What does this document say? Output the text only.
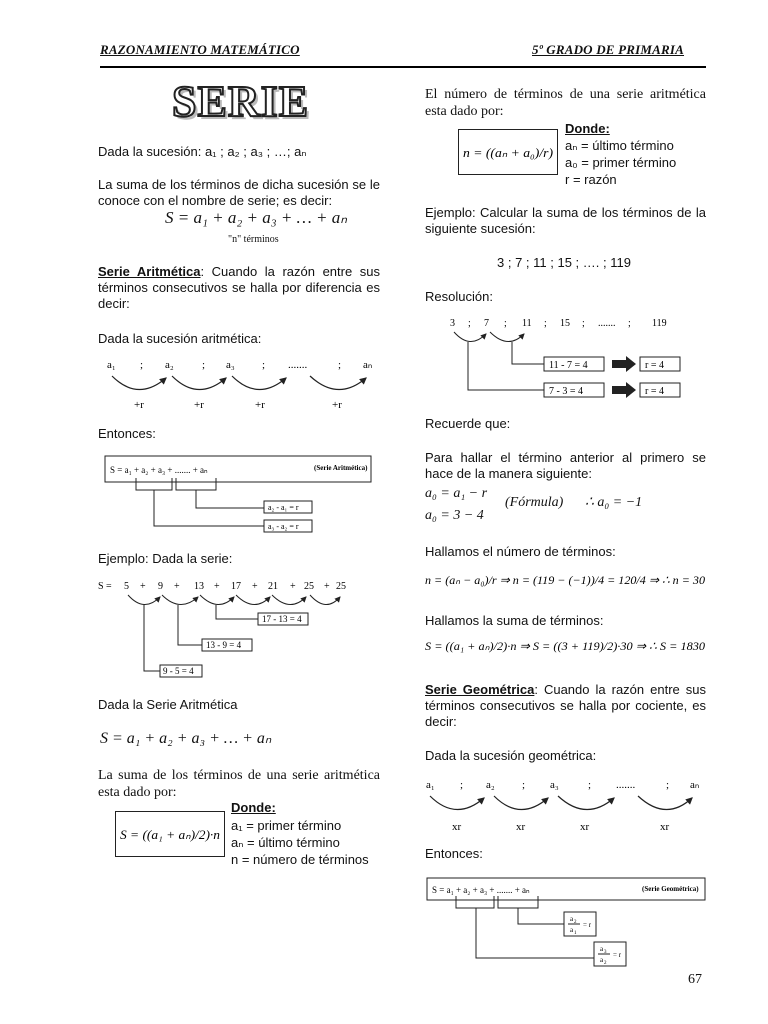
RAZONAMIENTO MATEMÁTICO	5º GRADO DE PRIMARIA
SERIE

Dada la sucesión: a₁ ; a₂ ; a₃ ; …; aₙ

La suma de los términos de dicha sucesión se le conoce con el nombre de serie; es decir:

S = a₁ + a₂ + a₃ + … + aₙ

"n" términos

Serie Aritmética: Cuando la razón entre sus términos consecutivos se halla por diferencia es decir:

Dada la sucesión aritmética:

a₁ ; a₂	; a₃ ; .......	; aₙ
+r	+r	+r	+r

Entonces:

S = a₁ + a₂ + a₃ + ....... + aₙ	(Serie Aritmética)
a₂ - a₁ = r
a₃ - a₂ = r

Ejemplo: Dada la serie:

S = 5 + 9 + 13 + 17 + 21 + 25 + 25
17 - 13 = 4
13 - 9 = 4
9 - 5 = 4

Dada la Serie Aritmética

S = a₁ + a₂ + a₃ + … + aₙ

La suma de los términos de una serie aritmética esta dado por:

S = ((a₁ + aₙ)/2)·n

Donde:

a₁ = primer término

aₙ = último término

n = número de términos

El número de términos de una serie aritmética esta dado por:

n = ((aₙ + a₀)/r)

Donde:

aₙ = último término

a₀ = primer término

r = razón

Ejemplo: Calcular la suma de los términos de la siguiente sucesión:

3 ; 7 ; 11 ; 15 ; …. ; 119

Resolución:

3 ; 7 ; 11 ; 15 ; ....... ; 119
11 - 7 = 4
7 - 3 = 4
r = 4
r = 4

Recuerde que:

Para hallar el término anterior al primero se hace de la manera siguiente:

a₀ = a₁ − r

(Fórmula) ∴ a₀ = −1

a₀ = 3 − 4

Hallamos el número de términos:

n = (aₙ − a₀)/r ⇒ n = (119 − (−1))/4 = 120/4 ⇒ ∴ n = 30

Hallamos la suma de términos:

S = ((a₁ + aₙ)/2)·n ⇒ S = ((3 + 119)/2)·30 ⇒ ∴ S = 1830

Serie Geométrica: Cuando la razón entre sus términos consecutivos se halla por cociente, es decir:

Dada la sucesión geométrica:

a₁ ; a₂ ; a₃	; .......	; aₙ
xr	xr	xr	xr

Entonces:

S = a₁ + a₂ + a₃ + ....... + aₙ	(Serie Geométrica)
a 2
a 1
= r
a 3
a 2
= r
67
